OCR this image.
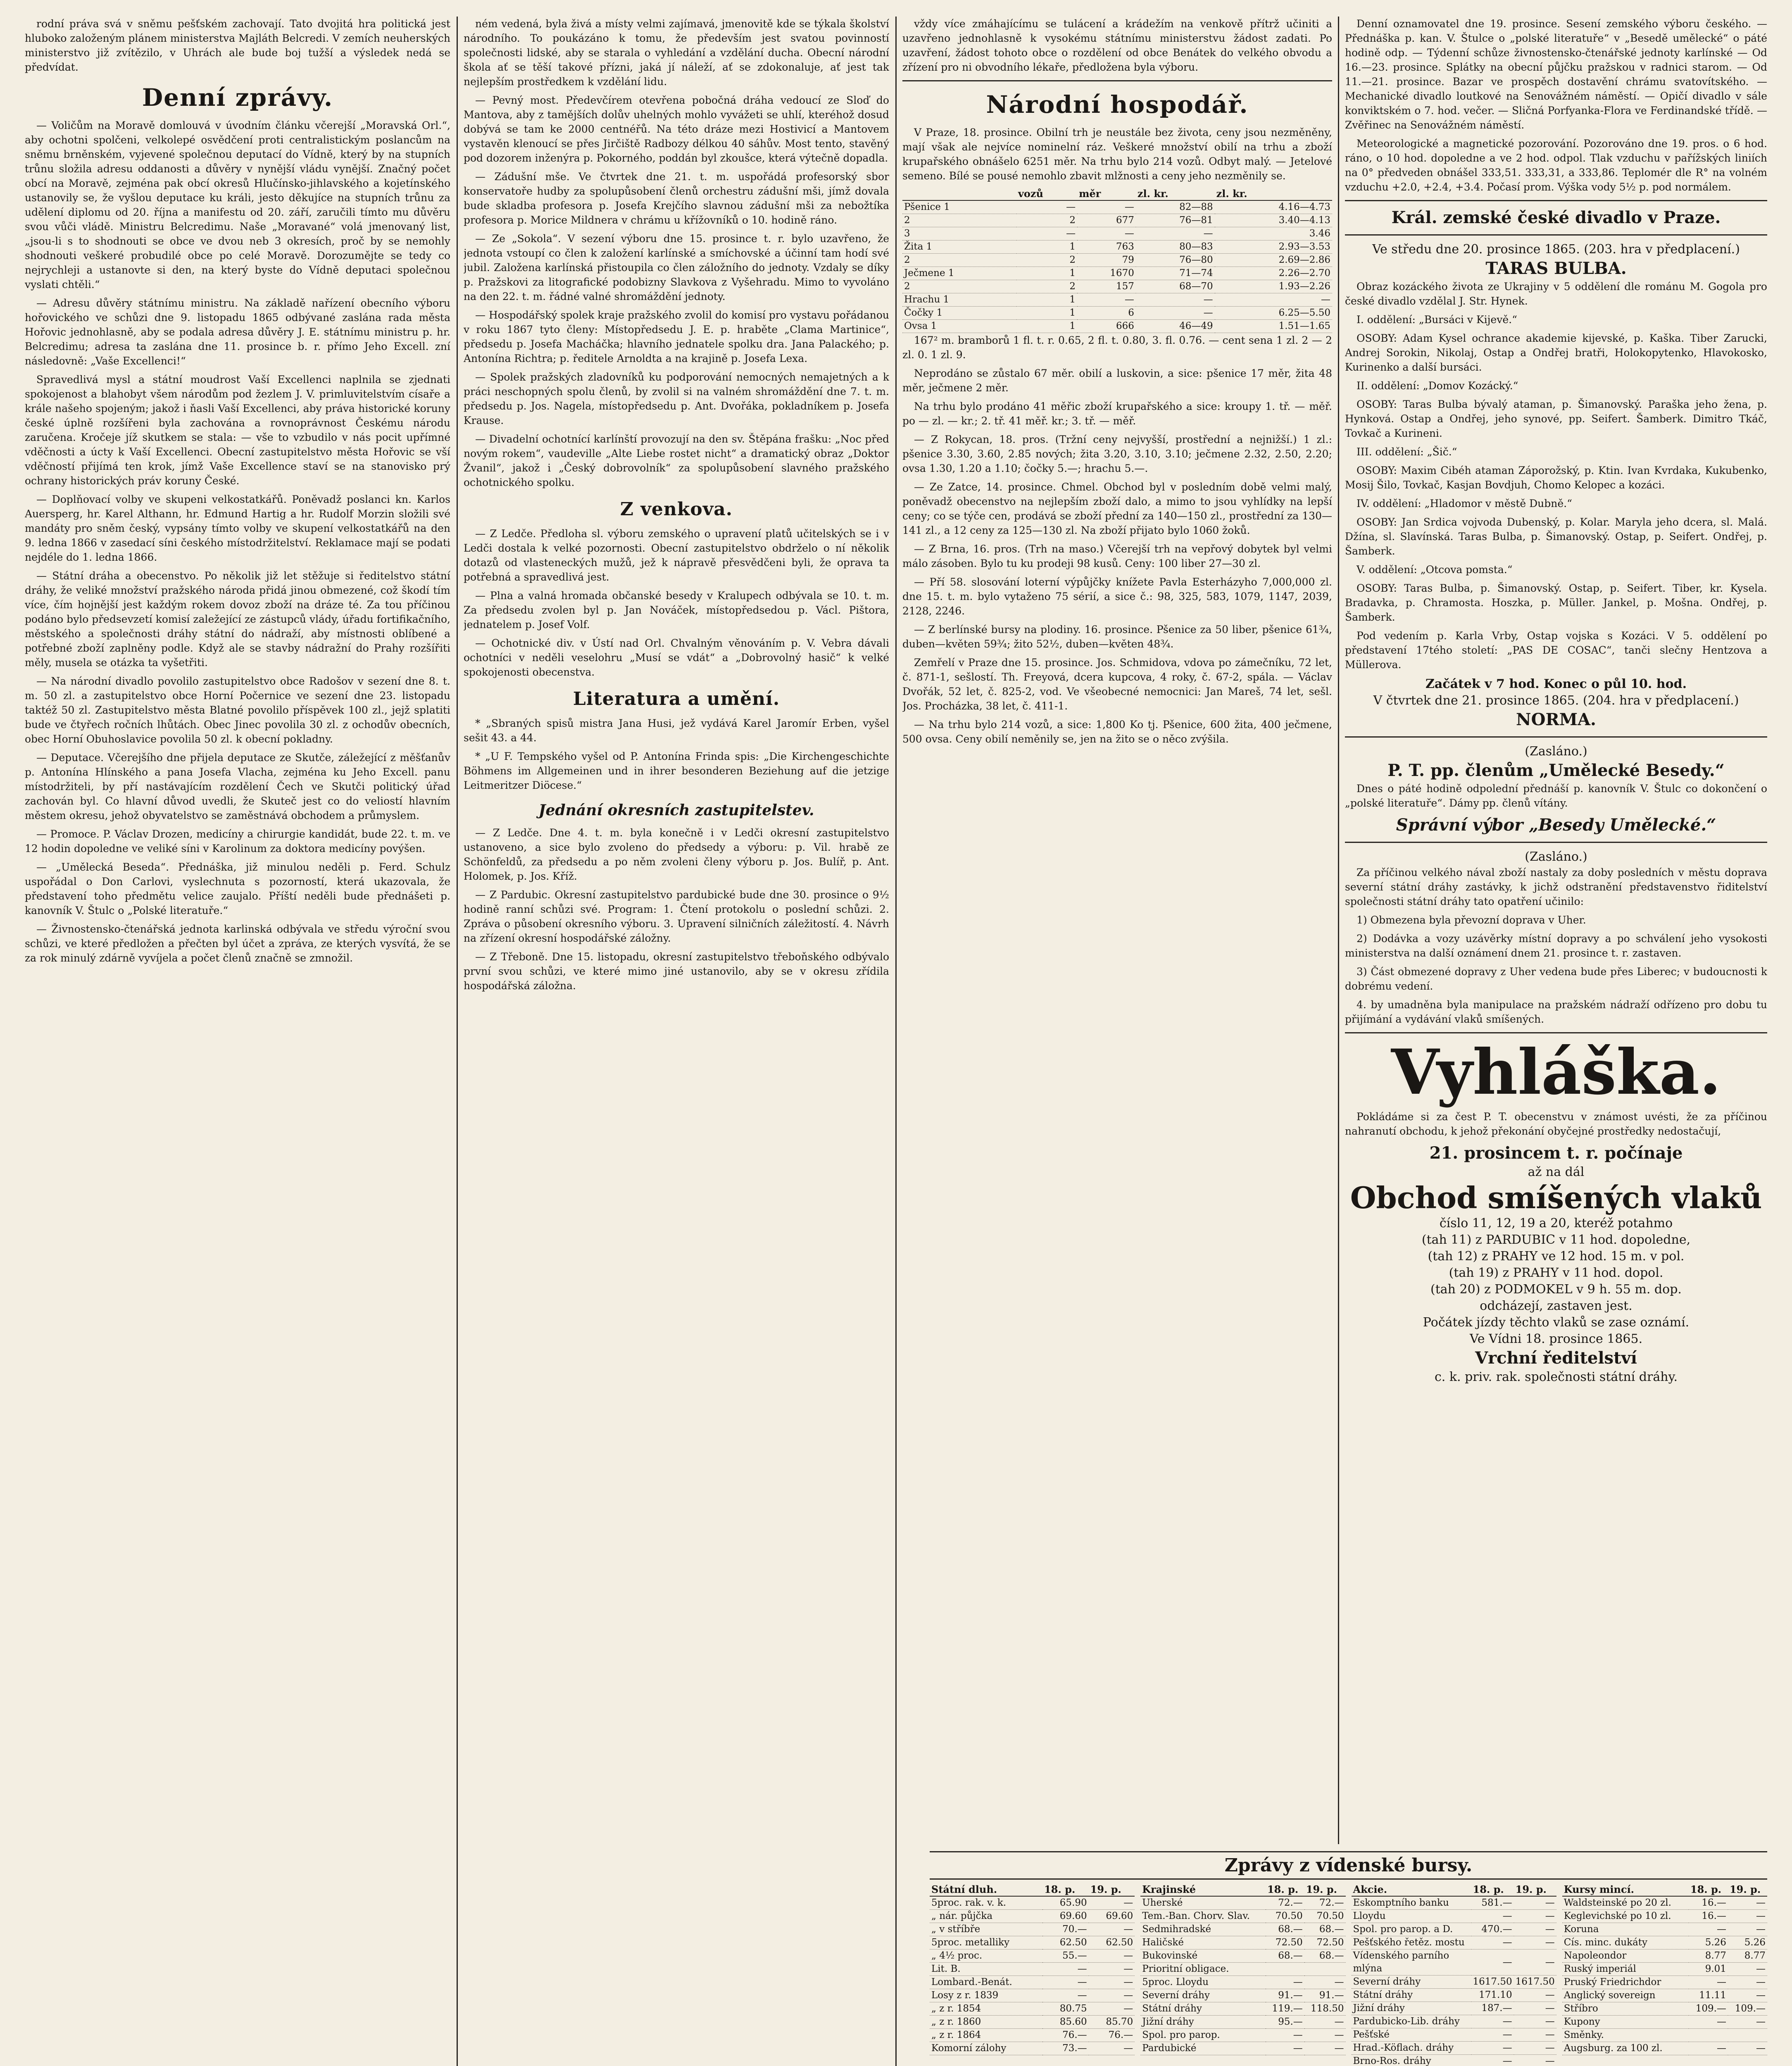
rodní práva svá v sněmu pešťském zachovají. Tato dvojitá hra politická jest hluboko založeným plánem ministerstva Majláth Belcredi. V zemích neuherských ministerstvo již zvítězilo, v Uhrách ale bude boj tužší a výsledek nedá se předvídat.

Denní zprávy.

— Voličům na Moravě domlouvá v úvodním článku včerejší „Moravská Orl.“, aby ochotni spolčeni, velkolepé osvědčení proti centralistickým poslancům na sněmu brněnském, vyjevené společnou deputací do Vídně, který by na stupních trůnu složila adresu oddanosti a důvěry v nynější vládu vynější. Značný počet obcí na Moravě, zejména pak obcí okresů Hlučínsko-jihlavského a kojetínského ustanovily se, že vyšlou deputace ku králi, jesto děkujíce na stupních trůnu za udělení diplomu od 20. října a manifestu od 20. září, zaručili tímto mu důvěru svou vůči vládě. Ministru Belcredimu. Naše „Moravané“ volá jmenovaný list, „jsou-li s to shodnouti se obce ve dvou neb 3 okresích, proč by se nemohly shodnouti veškeré probudilé obce po celé Moravě. Dorozumějte se tedy co nejrychleji a ustanovte si den, na který byste do Vídně deputaci společnou vyslati chtěli.“

— Adresu důvěry státnímu ministru. Na základě nařízení obecního výboru hořovického ve schůzi dne 9. listopadu 1865 odbývané zaslána rada města Hořovic jednohlasně, aby se podala adresa důvěry J. E. státnímu ministru p. hr. Belcredimu; adresa ta zaslána dne 11. prosince b. r. přímo Jeho Excell. zní následovně: „Vaše Excellenci!“

Spravedlivá mysl a státní moudrost Vaší Excellenci naplnila se zjednati spokojenost a blahobyt všem národům pod žezlem J. V. primluvitelstvím císaře a krále našeho spojeným; jakož i ňasli Vaší Excellenci, aby práva historické koruny české úplně rozšířeni byla zachována a rovnoprávnost Českému národu zaručena. Kročeje jíž skutkem se stala: — vše to vzbudilo v nás pocit upřímné vděčnosti a úcty k Vaší Excellenci. Obecní zastupitelstvo města Hořovic se vší vděčností přijímá ten krok, jímž Vaše Excellence staví se na stanovisko prý ochrany historických práv koruny České.

— Doplňovací volby ve skupeni velkostatkářů. Poněvadž poslanci kn. Karlos Auersperg, hr. Karel Althann, hr. Edmund Hartig a hr. Rudolf Morzin složili své mandáty pro sněm český, vypsány tímto volby ve skupení velkostatkářů na den 9. ledna 1866 v zasedací síni českého místodržitelství. Reklamace mají se podati nejdéle do 1. ledna 1866.

— Státní dráha a obecenstvo. Po několik již let stěžuje si ředitelstvo státní dráhy, že veliké množství pražského národa přidá jinou obmezené, což škodí tím více, čím hojnější jest každým rokem dovoz zboží na dráze té. Za tou příčinou podáno bylo předsevzetí komisí zaležející ze zástupců vlády, úřadu fortifikačního, městského a společnosti dráhy státní do nádraží, aby místnosti oblíbené a potřebné zboží zaplněny podle. Když ale se stavby nádražní do Prahy rozšířiti měly, musela se otázka ta vyšetřiti.

— Na národní divadlo povolilo zastupitelstvo obce Radošov v sezení dne 8. t. m. 50 zl. a zastupitelstvo obce Horní Počernice ve sezení dne 23. listopadu taktéž 50 zl. Zastupitelstvo města Blatné povolilo příspěvek 100 zl., jejž splatiti bude ve čtyřech ročních lhůtách. Obec Jinec povolila 30 zl. z ochodův obecních, obec Horní Obuhoslavice povolila 50 zl. k obecní pokladny.

— Deputace. Včerejšího dne přijela deputace ze Skutče, záležející z měšťanův p. Antonína Hlínského a pana Josefa Vlacha, zejména ku Jeho Excell. panu místodržiteli, by pří nastávajícím rozdělení Čech ve Skutči politický úřad zachován byl. Co hlavní důvod uvedli, že Skuteč jest co do veliostí hlavním městem okresu, jehož obyvatelstvo se zaměstnává obchodem a průmyslem.

— Promoce. P. Václav Drozen, medicíny a chirurgie kandidát, bude 22. t. m. ve 12 hodin dopoledne ve veliké síni v Karolinum za doktora medicíny povýšen.

— „Umělecká Beseda“. Přednáška, již minulou neděli p. Ferd. Schulz uspořádal o Don Carlovi, vyslechnuta s pozorností, která ukazovala, že představení toho předmětu velice zaujalo. Příští neděli bude přednášeti p. kanovník V. Štulc o „Polské literatuře.“

— Živnostensko-čtenářská jednota karlinská odbývala ve středu výroční svou schůzi, ve které předložen a přečten byl účet a zpráva, ze kterých vysvítá, že se za rok minulý zdárně vyvíjela a počet členů značně se zmnožil.

ném vedená, byla živá a místy velmi zajímavá, jmenovitě kde se týkala školství národního. To poukázáno k tomu, že především jest svatou povinností společnosti lidské, aby se starala o vyhledání a vzdělání ducha. Obecní národní škola ať se těší takové přízni, jaká jí náleží, ať se zdokonaluje, ať jest tak nejlepším prostředkem k vzdělání lidu.

— Pevný most. Předevčírem otevřena pobočná dráha vedoucí ze Sloď do Mantova, aby z tamějších dolův uhelných mohlo vyvážeti se uhlí, kteréhož dosud dobývá se tam ke 2000 centnéřů. Na této dráze mezi Hostivicí a Mantovem vystavěn klenoucí se přes Jirčiště Radbozy délkou 40 sáhův. Most tento, stavěný pod dozorem inženýra p. Pokorného, poddán byl zkoušce, která výtečně dopadla.

— Zádušní mše. Ve čtvrtek dne 21. t. m. uspořádá profesorský sbor konservatoře hudby za spolupůsobení členů orchestru zádušní mši, jímž dovala bude skladba profesora p. Josefa Krejčího slavnou zádušní mši za nebožtíka profesora p. Morice Mildnera v chrámu u křížovníků o 10. hodině ráno.

— Ze „Sokola“. V sezení výboru dne 15. prosince t. r. bylo uzavřeno, že jednota vstoupí co člen k založení karlínské a smíchovské a účinní tam hodí své jubil. Založena karlínská přistoupila co člen záložního do jednoty. Vzdaly se díky p. Pražskovi za litografické podobizny Slavkova z Vyšehradu. Mimo to vyvoláno na den 22. t. m. řádné valné shromáždění jednoty.

— Hospodářský spolek kraje pražského zvolil do komisí pro vystavu pořádanou v roku 1867 tyto členy: Místopředsedu J. E. p. hraběte „Clama Martinice“, předsedu p. Josefa Macháčka; hlavního jednatele spolku dra. Jana Palackého; p. Antonína Richtra; p. ředitele Arnoldta a na krajině p. Josefa Lexa.

— Spolek pražských zladovníků ku podporování nemocných nemajetných a k práci neschopných spolu členů, by zvolil si na valném shromáždění dne 7. t. m. předsedu p. Jos. Nagela, místopředsedu p. Ant. Dvořáka, pokladníkem p. Josefa Krause.

— Divadelní ochotnící karlínští provozují na den sv. Štěpána frašku: „Noc před novým rokem“, vaudeville „Alte Liebe rostet nicht“ a dramatický obraz „Doktor Žvanil“, jakož i „Český dobrovolník“ za spolupůsobení slavného pražského ochotnického spolku.

Z venkova.

— Z Ledče. Předloha sl. výboru zemského o upravení platů učitelských se i v Ledči dostala k velké pozornosti. Obecní zastupitelstvo obdrželo o ní několik dotazů od vlasteneckých mužů, jež k nápravě přesvědčeni byli, že oprava ta potřebná a spravedlivá jest.

— Plna a valná hromada občanské besedy v Kralupech odbývala se 10. t. m. Za předsedu zvolen byl p. Jan Nováček, místopředsedou p. Václ. Pištora, jednatelem p. Josef Volf.

— Ochotnické div. v Ústí nad Orl. Chvalným věnováním p. V. Vebra dávali ochotníci v neděli veselohru „Musí se vdát“ a „Dobrovolný hasič“ k velké spokojenosti obecenstva.

Literatura a umění.

* „Sbraných spisů mistra Jana Husi, jež vydává Karel Jaromír Erben, vyšel sešit 43. a 44.

* „U F. Tempského vyšel od P. Antonína Frinda spis: „Die Kirchengeschichte Böhmens im Allgemeinen und in ihrer besonderen Beziehung auf die jetzige Leitmeritzer Diöcese.“

Jednání okresních zastupitelstev.

— Z Ledče. Dne 4. t. m. byla konečně i v Ledči okresní zastupitelstvo ustanoveno, a sice bylo zvoleno do předsedy a výboru: p. Vil. hrabě ze Schönfeldů, za předsedu a po něm zvoleni členy výboru p. Jos. Bulíř, p. Ant. Holomek, p. Jos. Kříž.

— Z Pardubic. Okresní zastupitelstvo pardubické bude dne 30. prosince o 9½ hodině ranní schůzi své. Program: 1. Čtení protokolu o poslední schůzi. 2. Zpráva o působení okresního výboru. 3. Upravení silničních záležitostí. 4. Návrh na zřízení okresní hospodářské záložny.

— Z Třeboně. Dne 15. listopadu, okresní zastupitelstvo třeboňského odbývalo první svou schůzi, ve které mimo jiné ustanovilo, aby se v okresu zřídila hospodářská záložna.

vždy více zmáhajícímu se tulácení a krádežím na venkově přítrž učiniti a uzavřeno jednohlasně k vysokému státnímu ministerstvu žádost zadati. Po uzavření, žádost tohoto obce o rozdělení od obce Benátek do velkého obvodu a zřízení pro ni obvodního lékaře, předložena byla výboru.

Národní hospodář.

V Praze, 18. prosince. Obilní trh je neustále bez života, ceny jsou nezměněny, mají však ale nejvíce nominelní ráz. Veškeré množství obilí na trhu a zboží krupařského obnášelo 6251 měr. Na trhu bylo 214 vozů. Odbyt malý. — Jetelové semeno. Bílé se pousé nemohlo zbavit mlžnosti a ceny jeho nezměnily se.

	vozů	měr	zl. kr.	zl. kr.
Pšenice 1	—	—	82—88	4.16—4.73
2	2	677	76—81	3.40—4.13
3	—	—	—	3.46
Žita 1	1	763	80—83	2.93—3.53
2	2	79	76—80	2.69—2.86
Ječmene 1	1	1670	71—74	2.26—2.70
2	2	157	68—70	1.93—2.26
Hrachu 1	1	—	—	—
Čočky 1	1	6	—	6.25—5.50
Ovsa 1	1	666	46—49	1.51—1.65

167² m. bramborů 1 fl. t. r. 0.65, 2 fl. t. 0.80, 3. fl. 0.76. — cent sena 1 zl. 2 — 2 zl. 0. 1 zl. 9.

Neprodáno se zůstalo 67 měr. obilí a luskovin, a sice: pšenice 17 měr, žita 48 měr, ječmene 2 měr.

Na trhu bylo prodáno 41 měřic zboží krupařského a sice: kroupy 1. tř. — měř. po — zl. — kr.; 2. tř. 41 měř. kr.; 3. tř. — měř.

— Z Rokycan, 18. pros. (Tržní ceny nejvyšší, prostřední a nejnižší.) 1 zl.: pšenice 3.30, 3.60, 2.85 nových; žita 3.20, 3.10, 3.10; ječmene 2.32, 2.50, 2.20; ovsa 1.30, 1.20 a 1.10; čočky 5.—; hrachu 5.—.

— Ze Zatce, 14. prosince. Chmel. Obchod byl v posledním době velmi malý, poněvadž obecenstvo na nejlepším zboží dalo, a mimo to jsou vyhlídky na lepší ceny; co se týče cen, prodává se zboží přední za 140—150 zl., prostřední za 130—141 zl., a 12 ceny za 125—130 zl. Na zboží přijato bylo 1060 žoků.

— Z Brna, 16. pros. (Trh na maso.) Včerejší trh na vepřový dobytek byl velmi málo zásoben. Bylo tu ku prodeji 98 kusů. Ceny: 100 liber 27—30 zl.

— Pří 58. slosování loterní výpůjčky knížete Pavla Esterházyho 7,000,000 zl. dne 15. t. m. bylo vytaženo 75 sérií, a sice č.: 98, 325, 583, 1079, 1147, 2039, 2128, 2246.

— Z berlínské bursy na plodiny. 16. prosince. Pšenice za 50 liber, pšenice 61¾, duben—květen 59¾; žito 52½, duben—květen 48¾.

Zemřelí v Praze dne 15. prosince. Jos. Schmidova, vdova po zámečníku, 72 let, č. 871-1, sešlostí. Th. Freyová, dcera kupcova, 4 roky, č. 67-2, spála. — Václav Dvořák, 52 let, č. 825-2, vod. Ve všeobecné nemocnici: Jan Mareš, 74 let, sešl. Jos. Procházka, 38 let, č. 411-1.

— Na trhu bylo 214 vozů, a sice: 1,800 Ko tj. Pšenice, 600 žita, 400 ječmene, 500 ovsa. Ceny obilí neměnily se, jen na žito se o něco zvýšila.

Denní oznamovatel dne 19. prosince. Sesení zemského výboru českého. — Přednáška p. kan. V. Štulce o „polské literatuře“ v „Besedě umělecké“ o páté hodině odp. — Týdenní schůze živnostensko-čtenářské jednoty karlínské — Od 16.—23. prosince. Splátky na obecní půjčku pražskou v radnici starom. — Od 11.—21. prosince. Bazar ve prospěch dostavění chrámu svatovítského. — Mechanické divadlo loutkové na Senovážném náměstí. — Opičí divadlo v sále konviktském o 7. hod. večer. — Sličná Porfyanka-Flora ve Ferdinandské třídě. — Zvěřinec na Senovážném náměstí.

Meteorologické a magnetické pozorování. Pozorováno dne 19. pros. o 6 hod. ráno, o 10 hod. dopoledne a ve 2 hod. odpol. Tlak vzduchu v pařížských liniích na 0° předveden obnášel 333,51. 333,31, a 333,86. Teplomér dle R° na volném vzduchu +2.0, +2.4, +3.4. Počasí prom. Výška vody 5½ p. pod normálem.

Král. zemské české divadlo v Praze.
Ve středu dne 20. prosince 1865. (203. hra v předplacení.)
TARAS BULBA.

Obraz kozáckého života ze Ukrajiny v 5 oddělení dle románu M. Gogola pro české divadlo vzdělal J. Str. Hynek.

I. oddělení: „Bursáci v Kijevě.“

OSOBY: Adam Kysel ochrance akademie kijevské, p. Kaška. Tiber Zarucki, Andrej Sorokin, Nikolaj, Ostap a Ondřej bratři, Holokopytenko, Hlavokosko, Kurinenko a další bursáci.

II. oddělení: „Domov Kozácký.“

OSOBY: Taras Bulba bývalý ataman, p. Šimanovský. Paraška jeho žena, p. Hynková. Ostap a Ondřej, jeho synové, pp. Seifert. Šamberk. Dimitro Tkáč, Tovkač a Kurineni.

III. oddělení: „Šič.“

OSOBY: Maxim Cibéh ataman Záporožský, p. Ktin. Ivan Kvrdaka, Kukubenko, Mosij Šilo, Tovkač, Kasjan Bovdjuh, Chomo Kelopec a kozáci.

IV. oddělení: „Hladomor v městě Dubně.“

OSOBY: Jan Srdica vojvoda Dubenský, p. Kolar. Maryla jeho dcera, sl. Malá. Džína, sl. Slavínská. Taras Bulba, p. Šimanovský. Ostap, p. Seifert. Ondřej, p. Šamberk.

V. oddělení: „Otcova pomsta.“

OSOBY: Taras Bulba, p. Šimanovský. Ostap, p. Seifert. Tiber, kr. Kysela. Bradavka, p. Chramosta. Hoszka, p. Müller. Jankel, p. Mošna. Ondřej, p. Šamberk.

Pod vedením p. Karla Vrby, Ostap vojska s Kozáci. V 5. oddělení po představení 17tého století: „PAS DE COSAC“, tanči slečny Hentzova a Müllerova.

Začátek v 7 hod. Konec o půl 10. hod.
V čtvrtek dne 21. prosince 1865. (204. hra v předplacení.)
NORMA.
(Zasláno.)
P. T. pp. členům „Umělecké Besedy.“

Dnes o páté hodině odpolední přednáší p. kanovník V. Štulc co dokončení o „polské literatuře“. Dámy pp. členů vítány.

Správní výbor „Besedy Umělecké.“
(Zasláno.)

Za příčinou velkého nával zboží nastaly za doby posledních v městu doprava severní státní dráhy zastávky, k jichž odstranění představenstvo řiditelství společnosti státní dráhy tato opatření učinilo:

1) Obmezena byla převozní doprava v Uher.

2) Dodávka a vozy uzávěrky místní dopravy a po schválení jeho vysokosti ministerstva na další oznámení dnem 21. prosince t. r. zastaven.

3) Část obmezené dopravy z Uher vedena bude přes Liberec; v budoucnosti k dobrému vedení.

4. by umadněna byla manipulace na pražském nádraží odřízeno pro dobu tu přijímání a vydávání vlaků smíšených.

Vyhláška.

Pokládáme si za čest P. T. obecenstvu v známost uvésti, že za příčinou nahranutí obchodu, k jehož překonání obyčejné prostředky nedostačují,

21. prosincem t. r. počínaje
až na dál
Obchod smíšených vlaků
číslo 11, 12, 19 a 20, kteréž potahmo
(tah 11) z PARDUBIC v 11 hod. dopoledne,
(tah 12) z PRAHY ve 12 hod. 15 m. v pol.
(tah 19) z PRAHY v 11 hod. dopol.
(tah 20) z PODMOKEL v 9 h. 55 m. dop.
odcházejí, zastaven jest.
Počátek jízdy těchto vlaků se zase oznámí.
Ve Vídni 18. prosince 1865.
Vrchní ředitelství
c. k. priv. rak. společnosti státní dráhy.
Zprávy z vídenské bursy.
Státní dluh.	18. p.	19. p.
5proc. rak. v. k.	65.90	—
„ nár. půjčka	69.60	69.60
„ v stříbře	70.—	—
5proc. metalliky	62.50	62.50
„ 4½ proc.	55.—	—
Lit. B.	—	—
Lombard.-Benát.	—	—
Losy z r. 1839	—	—
„ z r. 1854	80.75	—
„ z r. 1860	85.60	85.70
„ z r. 1864	76.—	76.—
Komorní zálohy	73.—	—
Krajinské	18. p.	19. p.
Uherské	72.—	72.—
Tem.-Ban. Chorv. Slav.	70.50	70.50
Sedmihradské	68.—	68.—
Haličské	72.50	72.50
Bukovinské	68.—	68.—
Prioritní obligace.		
5proc. Lloydu	—	—
Severní dráhy	91.—	91.—
Státní dráhy	119.—	118.50
Jižní dráhy	95.—	—
Spol. pro parop.	—	—
Pardubické	—	—
Akcie.	18. p.	19. p.
Eskomptního banku	581.—	—
Lloydu	—	—
Spol. pro parop. a D.	470.—	—
Pešťského řetěz. mostu	—	—
Vídenského parního mlýna	—	—
Severní dráhy	1617.50	1617.50
Státní dráhy	171.10	—
Jižní dráhy	187.—	—
Pardubicko-Lib. dráhy	—	—
Pešťské	—	—
Hrad.-Köflach. dráhy	—	—
Brno-Ros. dráhy	—	—
Kursy mincí.	18. p.	19. p.
Waldsteinské po 20 zl.	16.—	—
Keglevichské po 10 zl.	16.—	—
Koruna	—	—
Cís. minc. dukáty	5.26	5.26
Napoleondor	8.77	8.77
Ruský imperiál	9.01	—
Pruský Friedrichdor	—	—
Anglický sovereign	11.11	—
Stříbro	109.—	109.—
Kupony	—	—
Směnky.		
Augsburg. za 100 zl.	—	—
